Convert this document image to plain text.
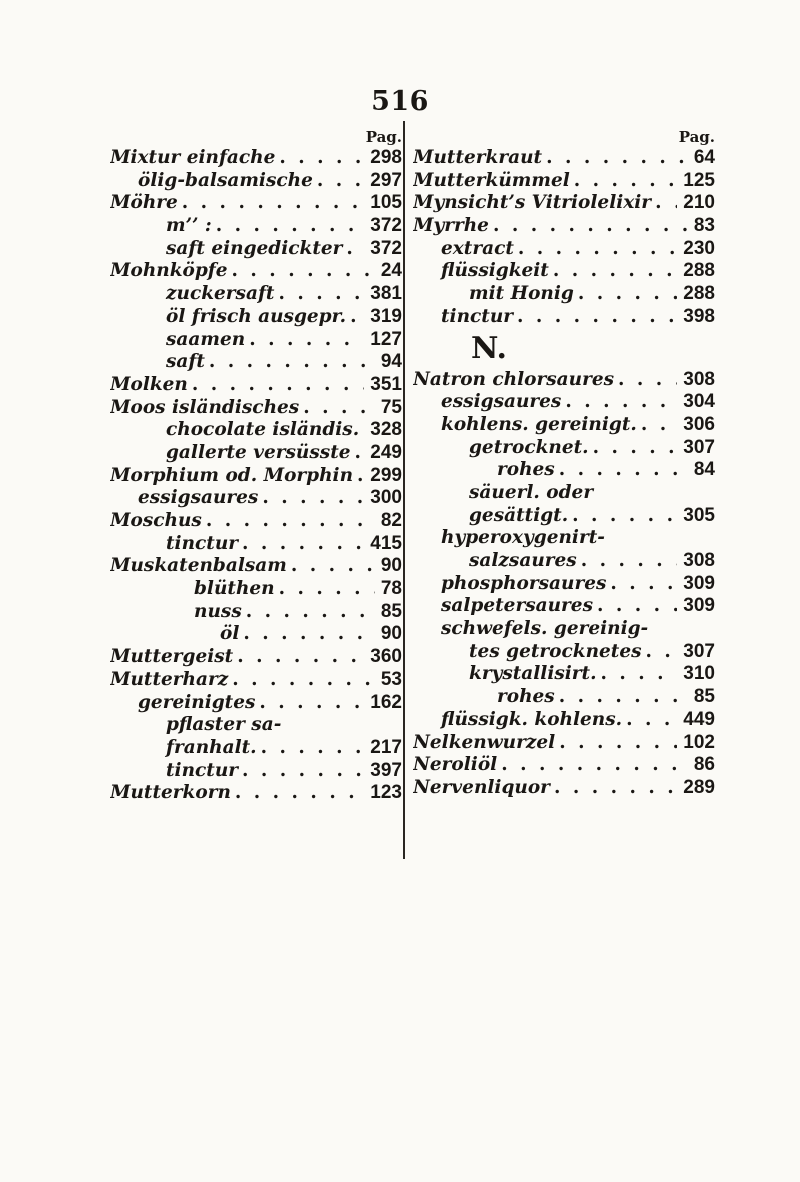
516
Pag.
Mixtur einfache . . .	298
ölig-balsamische . . .	297
Möhre . . .	105
m’’ : . . .	372
saft eingedickter . . .	372
Mohnköpfe . . .	24
zuckersaft . . .	381
öl frisch ausgepr. . . .	319
saamen . . .	127
saft . . .	94
Molken . . .	351
Moos isländisches . . .	75
chocolate isländis. . . . 328
gallerte versüsste . . .	249
Morphium od. Morphin . . . 299
essigsaures . . .	300
Moschus . . .	82
tinctur . . .	415
Muskatenbalsam . . .	90
blüthen . . .	78
nuss . . .	85
öl . . .	90
Muttergeist . . .	360
Mutterharz . . .	53
gereinigtes . . .	162
pflaster sa-
franhalt. . . .	217
tinctur . . .	397
Mutterkorn . . .	123
Pag.
Mutterkraut . . .	64
Mutterkümmel . . .	125
Mynsicht’s Vitriolelixir . . .	210
Myrrhe . . .	83
extract . . .	230
flüssigkeit . . .	288
mit Honig . . .	288
tinctur . . .	398
N.
Natron chlorsaures . . .	308
essigsaures . . .	304
kohlens. gereinigt. . . .	306
getrocknet. . . .	307
rohes . . .	84
säuerl. oder
gesättigt. . . .	305
hyperoxygenirt-
salzsaures . . .	308
phosphorsaures . . .	309
salpetersaures . . .	309
schwefels. gereinig-
tes getrocknetes . . .	307
krystallisirt. . . .	310
rohes . . .	85
flüssigk. kohlens. . . .	449
Nelkenwurzel . . .	102
Neroliöl . . .	86
Nervenliquor . . .	289
